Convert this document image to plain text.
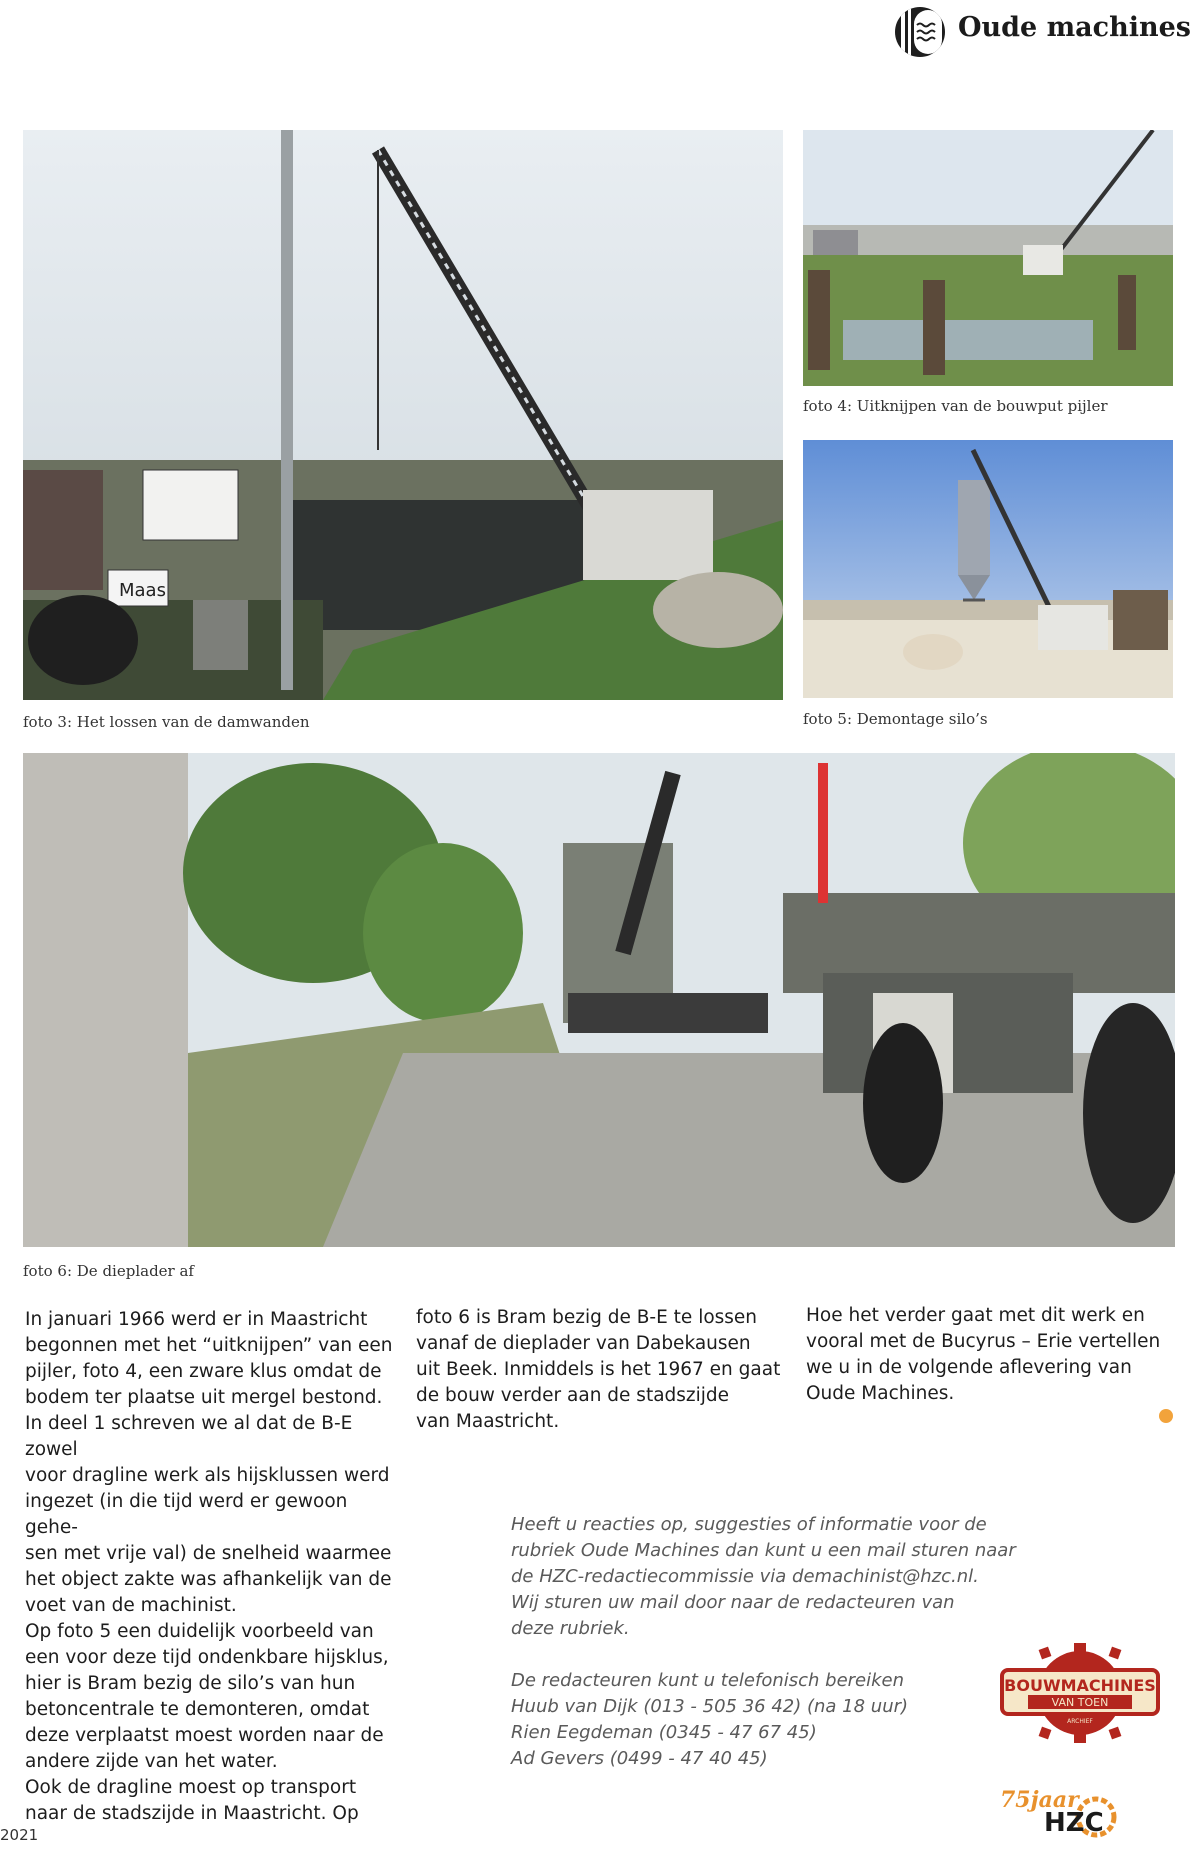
Oude machines
Maas
foto 3: Het lossen van de damwanden
foto 4: Uitknijpen van de bouwput pijler
foto 5: Demontage silo’s
foto 6: De dieplader af

In januari 1966 werd er in Maastricht

begonnen met het “uitknijpen” van een

pijler, foto 4, een zware klus omdat de

bodem ter plaatse uit mergel bestond.

In deel 1 schreven we al dat de B-E zowel

voor dragline werk als hijsklussen werd

ingezet (in die tijd werd er gewoon gehe-

sen met vrije val) de snelheid waarmee

het object zakte was afhankelijk van de

voet van de machinist.

Op foto 5 een duidelijk voorbeeld van

een voor deze tijd ondenkbare hijsklus,

hier is Bram bezig de silo’s van hun

betoncentrale te demonteren, omdat

deze verplaatst moest worden naar de

andere zijde van het water.

Ook de dragline moest op transport

naar de stadszijde in Maastricht. Op

foto 6 is Bram bezig de B-E te lossen

vanaf de dieplader van Dabekausen

uit Beek. Inmiddels is het 1967 en gaat

de bouw verder aan de stadszijde

van Maastricht.

Hoe het verder gaat met dit werk en

vooral met de Bucyrus – Erie vertellen

we u in de volgende aflevering van

Oude Machines.

Heeft u reacties op, suggesties of informatie voor de

rubriek Oude Machines dan kunt u een mail sturen naar

de HZC-redactiecommissie via demachinist@hzc.nl.

Wij sturen uw mail door naar de redacteuren van

deze rubriek.

De redacteuren kunt u telefonisch bereiken

Huub van Dijk (013 - 505 36 42) (na 18 uur)

Rien Eegdeman (0345 - 47 67 45)

Ad Gevers (0499 - 47 40 45)

BOUWMACHINES
VAN TOEN
ARCHIEF
2021
75jaar
HZC
